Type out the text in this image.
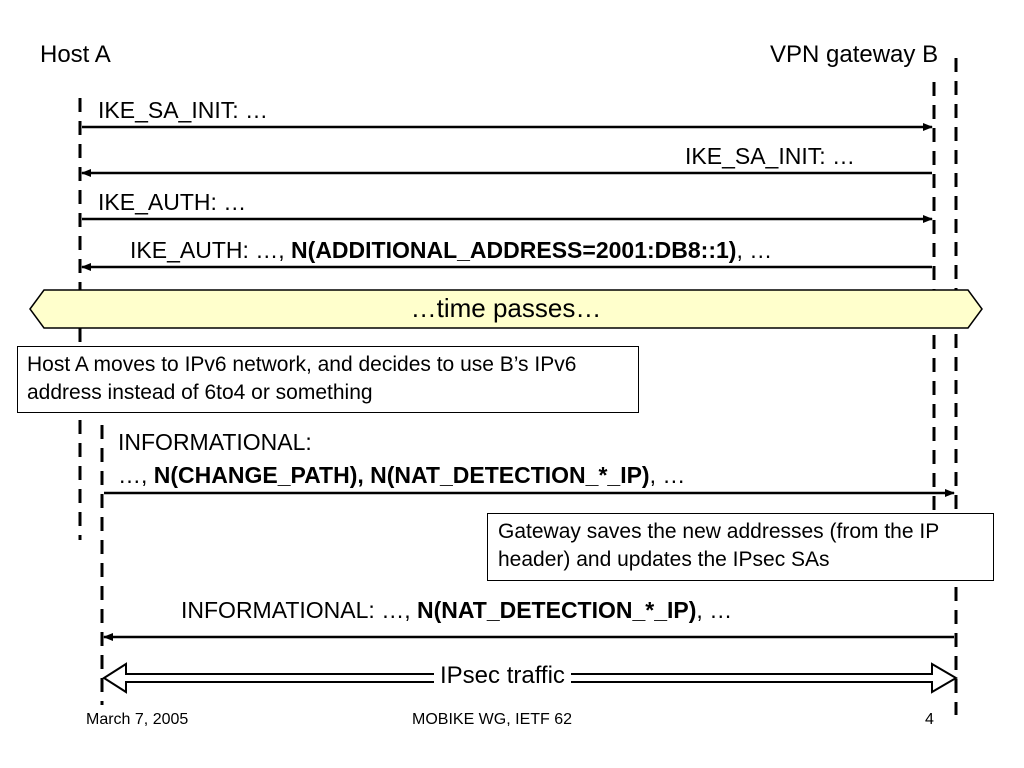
Host A	VPN gateway B
IKE_SA_INIT: …
IKE_SA_INIT: …
IKE_AUTH: …
IKE_AUTH: …, N(ADDITIONAL_ADDRESS=2001:DB8::1), …
…time passes…
Host A moves to IPv6 network, and decides to use B’s IPv6 address instead of 6to4 or something
INFORMATIONAL:
…, N(CHANGE_PATH), N(NAT_DETECTION_*_IP), …
Gateway saves the new addresses (from the IP header) and updates the IPsec SAs
INFORMATIONAL: …, N(NAT_DETECTION_*_IP), …
IPsec traffic
March 7, 2005	MOBIKE WG, IETF 62	4
